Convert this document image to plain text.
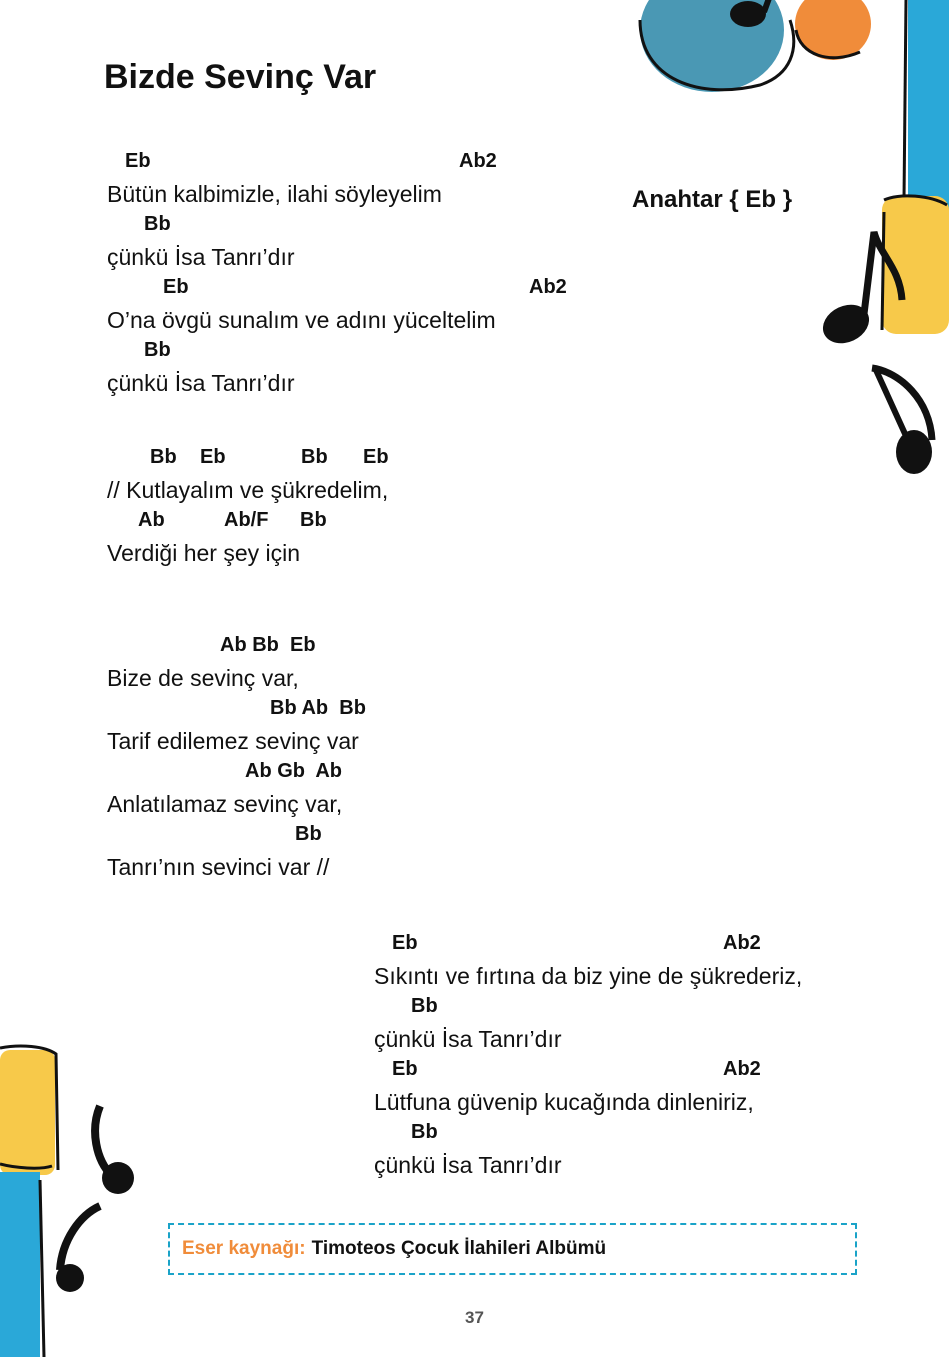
Bizde Sevinç Var
Anahtar { Eb }
Eb	Ab2
Bütün kalbimizle, ilahi söyleyelim
Bb
çünkü İsa Tanrı’dır
Eb	Ab2
O’na övgü sunalım ve adını yüceltelim
Bb
çünkü İsa Tanrı’dır
Bb Eb	Bb Eb
// Kutlayalım ve şükredelim,
Ab	Ab/F Bb
Verdiği her şey için
Ab Bb  Eb
Bize de sevinç var,
Bb Ab  Bb
Tarif edilemez sevinç var
Ab Gb  Ab
Anlatılamaz sevinç var,
Bb
Tanrı’nın sevinci var //
Eb	Ab2
Sıkıntı ve fırtına da biz yine de şükrederiz,
Bb
çünkü İsa Tanrı’dır
Eb	Ab2
Lütfuna güvenip kucağında dinleniriz,
Bb
çünkü İsa Tanrı’dır
Eser kaynağı: Timoteos Çocuk İlahileri Albümü
37
